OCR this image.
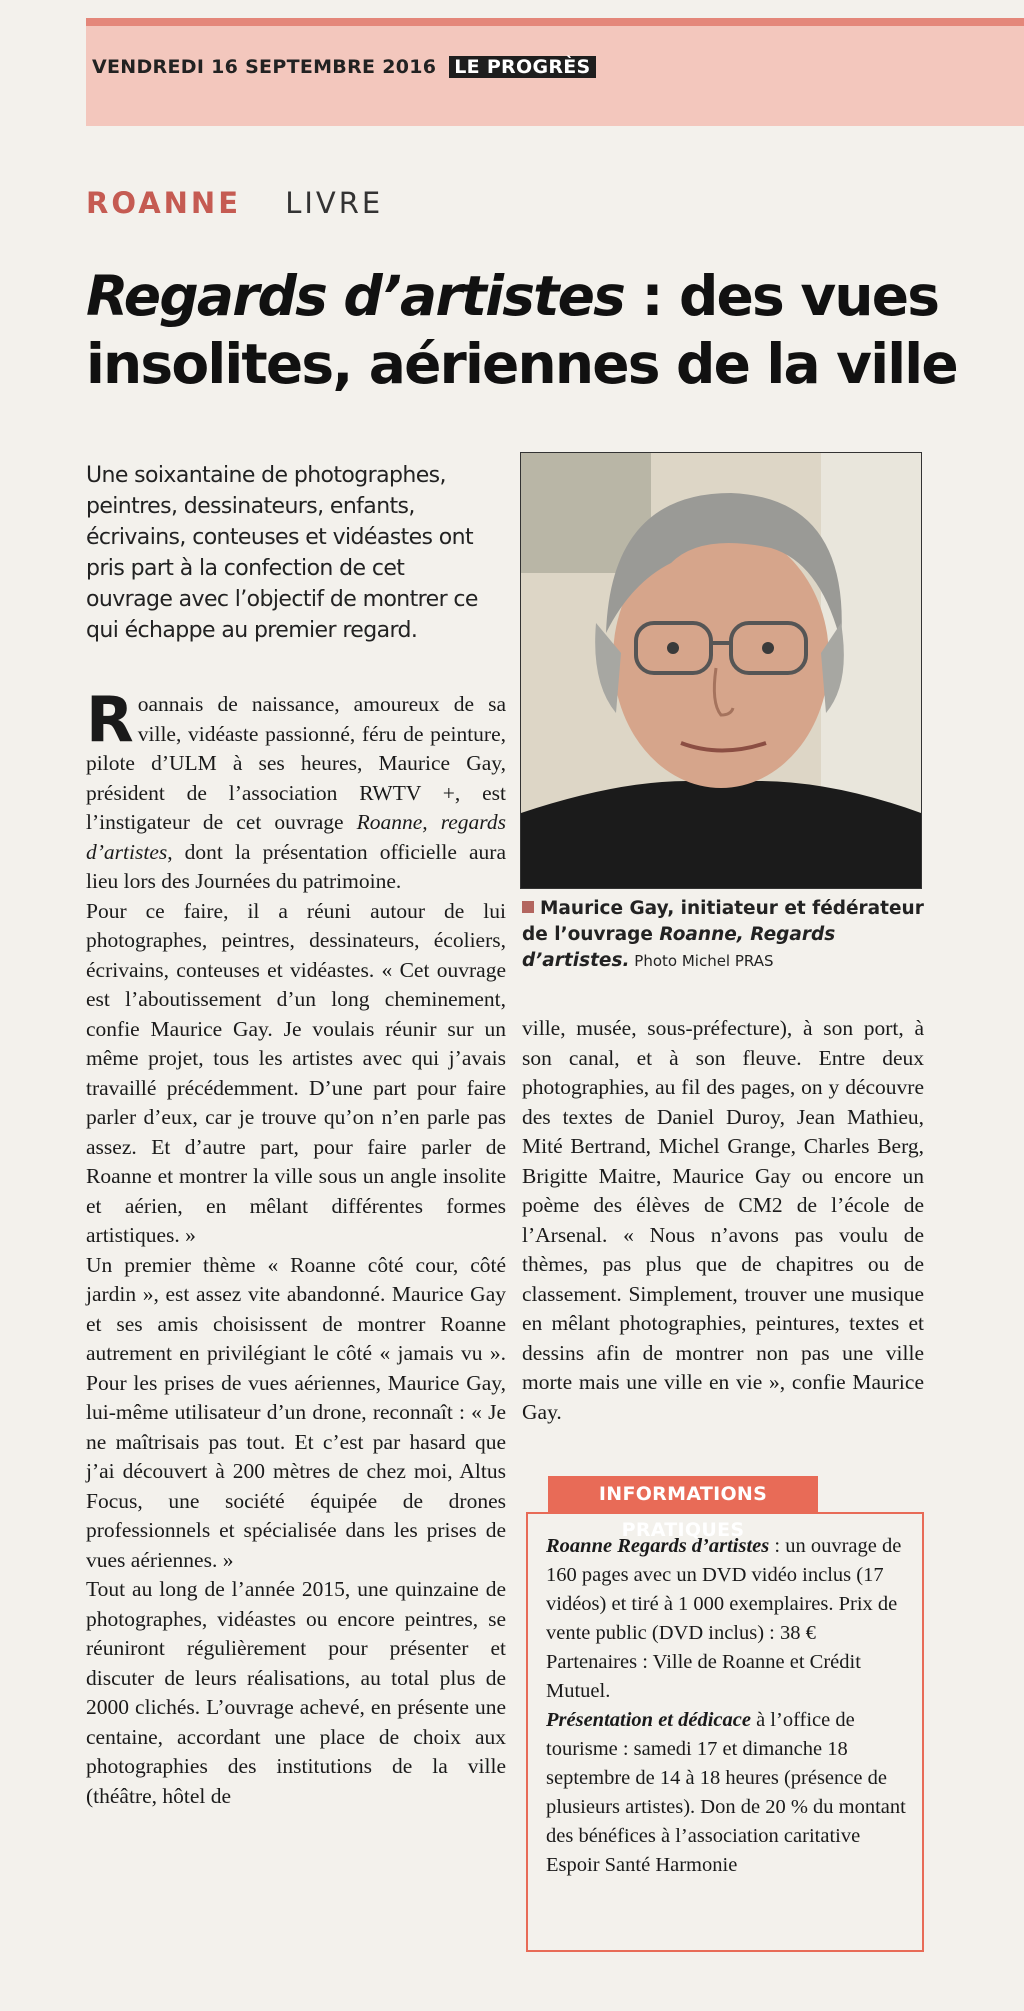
VENDREDI 16 SEPTEMBRE 2016 LE PROGRÈS
ROANNE LIVRE
Regards d’artistes : des vues insolites, aériennes de la ville
Une soixantaine de photographes, peintres, dessinateurs, enfants, écrivains, conteuses et vidéastes ont pris part à la confection de cet ouvrage avec l’objectif de montrer ce qui échappe au premier regard.

Roannais de naissance, amoureux de sa ville, vidéaste passionné, féru de peinture, pilote d’ULM à ses heures, Maurice Gay, président de l’association RWTV +, est l’instigateur de cet ouvrage Roanne, regards d’artistes, dont la présentation officielle aura lieu lors des Journées du patrimoine.

Pour ce faire, il a réuni autour de lui photographes, peintres, dessinateurs, écoliers, écrivains, conteuses et vidéastes. « Cet ouvrage est l’aboutissement d’un long cheminement, confie Maurice Gay. Je voulais réunir sur un même projet, tous les artistes avec qui j’avais travaillé précédemment. D’une part pour faire parler d’eux, car je trouve qu’on n’en parle pas assez. Et d’autre part, pour faire parler de Roanne et montrer la ville sous un angle insolite et aérien, en mêlant différentes formes artistiques. »

Un premier thème « Roanne côté cour, côté jardin », est assez vite abandonné. Maurice Gay et ses amis choisissent de montrer Roanne autrement en privilégiant le côté « jamais vu ». Pour les prises de vues aériennes, Maurice Gay, lui-même utilisateur d’un drone, reconnaît : « Je ne maîtrisais pas tout. Et c’est par hasard que j’ai découvert à 200 mètres de chez moi, Altus Focus, une société équipée de drones professionnels et spécialisée dans les prises de vues aériennes. »

Tout au long de l’année 2015, une quinzaine de photographes, vidéastes ou encore peintres, se réuniront régulièrement pour présenter et discuter de leurs réalisations, au total plus de 2000 clichés. L’ouvrage achevé, en présente une centaine, accordant une place de choix aux photographies des institutions de la ville (théâtre, hôtel de

Maurice Gay, initiateur et fédérateur de l’ouvrage Roanne, Regards d’artistes. Photo Michel PRAS

ville, musée, sous-préfecture), à son port, à son canal, et à son fleuve. Entre deux photographies, au fil des pages, on y découvre des textes de Daniel Duroy, Jean Mathieu, Mité Bertrand, Michel Grange, Charles Berg, Brigitte Maitre, Maurice Gay ou encore un poème des élèves de CM2 de l’école de l’Arsenal. « Nous n’avons pas voulu de thèmes, pas plus que de chapitres ou de classement. Simplement, trouver une musique en mêlant photographies, peintures, textes et dessins afin de montrer non pas une ville morte mais une ville en vie », confie Maurice Gay.

INFORMATIONS PRATIQUES

Roanne Regards d’artistes : un ouvrage de 160 pages avec un DVD vidéo inclus (17 vidéos) et tiré à 1 000 exemplaires. Prix de vente public (DVD inclus) : 38 € Partenaires : Ville de Roanne et Crédit Mutuel.

Présentation et dédicace à l’office de tourisme : samedi 17 et dimanche 18 septembre de 14 à 18 heures (présence de plusieurs artistes). Don de 20 % du montant des bénéfices à l’association caritative Espoir Santé Harmonie
